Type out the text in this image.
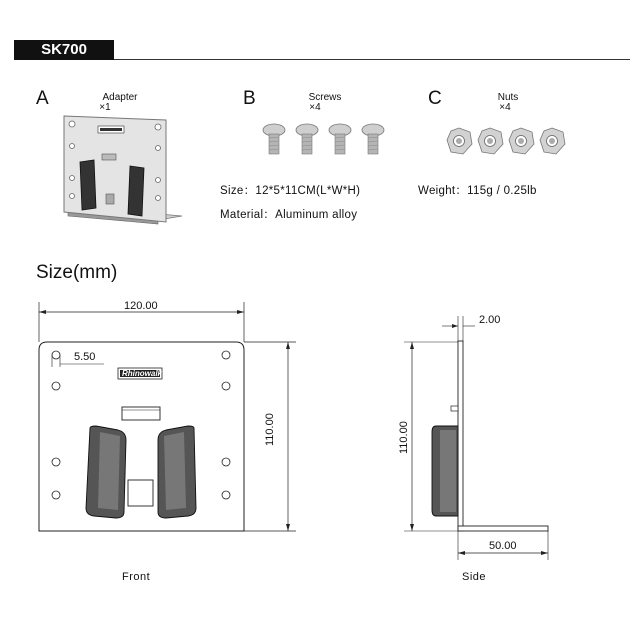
SK700
A	Adapter
×1	B	Screws
×4	C	Nuts
×4
Size：12*5*11CM(L*W*H)
Material：Aluminum alloy
Weight：115g / 0.25lb
Size(mm)
120.00
5.50
110.00
Rhinowalk
2.00
110.00
50.00
Front	Side
